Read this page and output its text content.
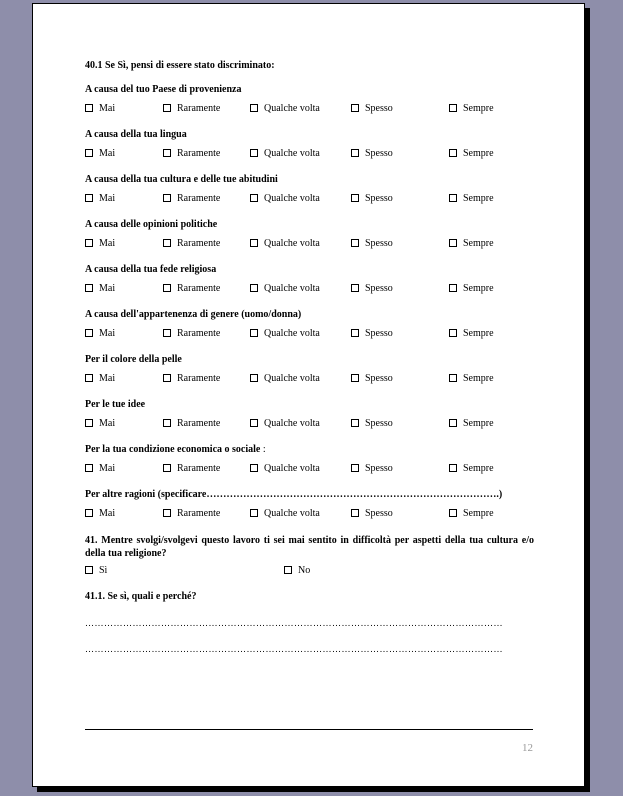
40.1 Se Sì, pensi di essere stato discriminato:
A causa del tuo Paese di provenienza
Mai	Raramente	Qualche volta	Spesso	Sempre
A causa della tua lingua
Mai	Raramente	Qualche volta	Spesso	Sempre
A causa della tua cultura e delle tue abitudini
Mai	Raramente	Qualche volta	Spesso	Sempre
A causa delle opinioni politiche
Mai	Raramente	Qualche volta	Spesso	Sempre
A causa della tua fede religiosa
Mai	Raramente	Qualche volta	Spesso	Sempre
A causa dell'appartenenza di genere (uomo/donna)
Mai	Raramente	Qualche volta	Spesso	Sempre
Per il colore della pelle
Mai	Raramente	Qualche volta	Spesso	Sempre
Per le tue idee
Mai	Raramente	Qualche volta	Spesso	Sempre
Per la tua condizione economica o sociale :
Mai	Raramente	Qualche volta	Spesso	Sempre
Per altre ragioni (specificare…………………………………………………………………………….)
Mai	Raramente	Qualche volta	Spesso	Sempre
41. Mentre svolgi/svolgevi questo lavoro ti sei mai sentito in difficoltà per aspetti della tua cultura e/o della tua religione?
Sì	No
41.1. Se sì, quali e perché?
……………………………………………………………………………………………………………………
……………………………………………………………………………………………………………………
12
